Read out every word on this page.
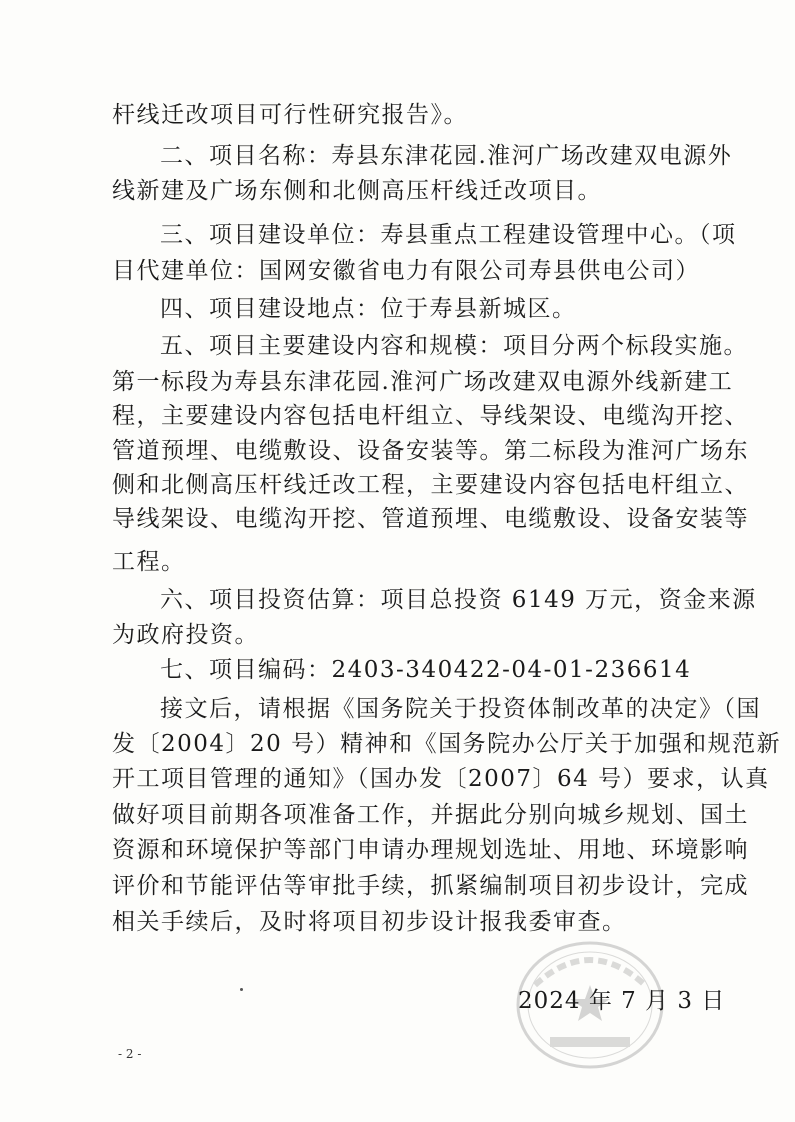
杆线迁改项目可行性研究报告》。
二、项目名称：寿县东津花园.淮河广场改建双电源外
线新建及广场东侧和北侧高压杆线迁改项目。
三、项目建设单位：寿县重点工程建设管理中心。（项
目代建单位：国网安徽省电力有限公司寿县供电公司）
四、项目建设地点：位于寿县新城区。
五、项目主要建设内容和规模：项目分两个标段实施。
第一标段为寿县东津花园.淮河广场改建双电源外线新建工
程，主要建设内容包括电杆组立、导线架设、电缆沟开挖、
管道预埋、电缆敷设、设备安装等。第二标段为淮河广场东
侧和北侧高压杆线迁改工程，主要建设内容包括电杆组立、
导线架设、电缆沟开挖、管道预埋、电缆敷设、设备安装等
工程。
六、项目投资估算：项目总投资 6149 万元，资金来源
为政府投资。
七、项目编码：2403-340422-04-01-236614
接文后，请根据《国务院关于投资体制改革的决定》（国
发〔2004〕20 号）精神和《国务院办公厅关于加强和规范新
开工项目管理的通知》（国办发〔2007〕64 号）要求，认真
做好项目前期各项准备工作，并据此分别向城乡规划、国土
资源和环境保护等部门申请办理规划选址、用地、环境影响
评价和节能评估等审批手续，抓紧编制项目初步设计，完成
相关手续后，及时将项目初步设计报我委审查。
2024 年 7 月 3 日
- 2 -
